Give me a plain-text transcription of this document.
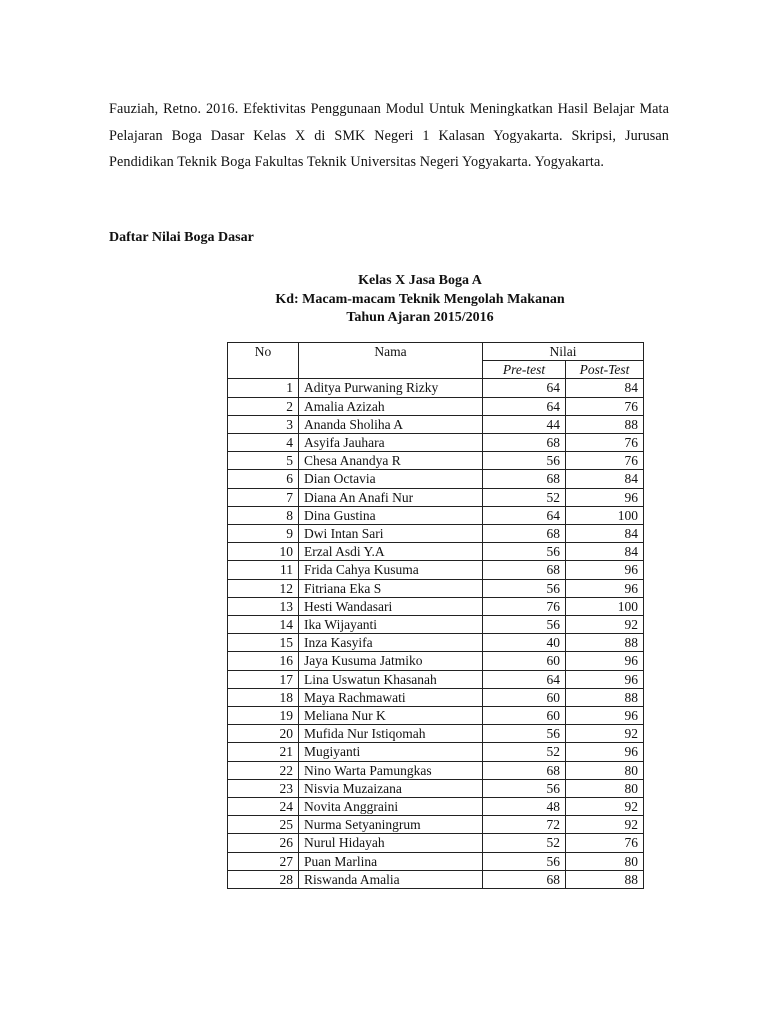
Fauziah, Retno. 2016. Efektivitas Penggunaan Modul Untuk Meningkatkan Hasil Belajar Mata Pelajaran Boga Dasar Kelas X di SMK Negeri 1 Kalasan Yogyakarta. Skripsi, Jurusan Pendidikan Teknik Boga Fakultas Teknik Universitas Negeri Yogyakarta. Yogyakarta.

Daftar Nilai Boga Dasar
Kelas X Jasa Boga A
Kd: Macam-macam Teknik Mengolah Makanan
Tahun Ajaran 2015/2016
No	Nama	Nilai	
		Pre-test	Post-Test
1	Aditya Purwaning Rizky	64	84
2	Amalia Azizah	64	76
3	Ananda Sholiha A	44	88
4	Asyifa Jauhara	68	76
5	Chesa Anandya R	56	76
6	Dian Octavia	68	84
7	Diana An Anafi Nur	52	96
8	Dina Gustina	64	100
9	Dwi Intan Sari	68	84
10	Erzal Asdi Y.A	56	84
11	Frida Cahya Kusuma	68	96
12	Fitriana Eka S	56	96
13	Hesti Wandasari	76	100
14	Ika Wijayanti	56	92
15	Inza Kasyifa	40	88
16	Jaya Kusuma Jatmiko	60	96
17	Lina Uswatun Khasanah	64	96
18	Maya Rachmawati	60	88
19	Meliana Nur K	60	96
20	Mufida Nur Istiqomah	56	92
21	Mugiyanti	52	96
22	Nino Warta Pamungkas	68	80
23	Nisvia Muzaizana	56	80
24	Novita Anggraini	48	92
25	Nurma Setyaningrum	72	92
26	Nurul Hidayah	52	76
27	Puan Marlina	56	80
28	Riswanda Amalia	68	88
